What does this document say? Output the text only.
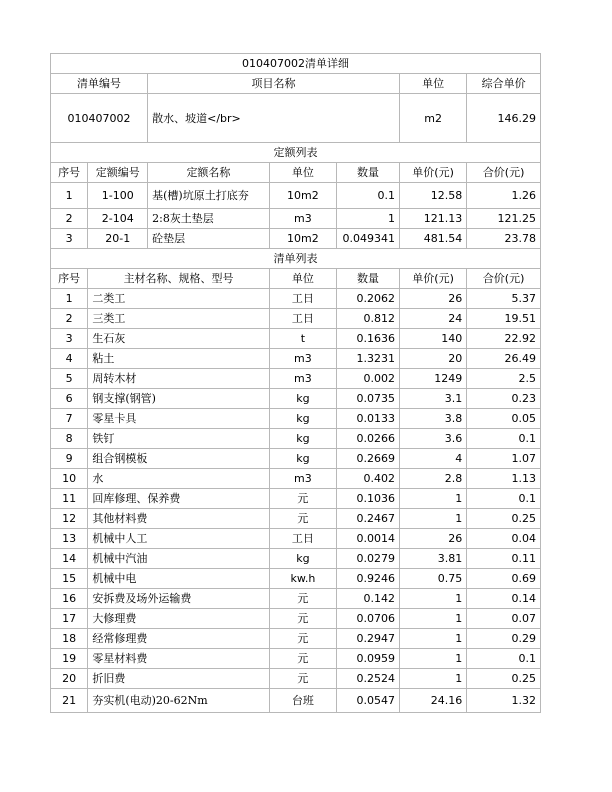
010407002清单详细						
清单编号		项目名称			单位	综合单价
010407002		散水、坡道</br>			m2	146.29
定额列表						
序号	定额编号	定额名称	单位	数量	单价(元)	合价(元)
1	1-100	基(槽)坑原土打底夯	10m2	0.1	12.58	1.26
2	2-104	2:8灰土垫层	m3	1	121.13	121.25
3	20-1	砼垫层	10m2	0.049341	481.54	23.78
清单列表						
序号	主材名称、规格、型号		单位	数量	单价(元)	合价(元)
1	二类工		工日	0.2062	26	5.37
2	三类工		工日	0.812	24	19.51
3	生石灰		t	0.1636	140	22.92
4	粘土		m3	1.3231	20	26.49
5	周转木材		m3	0.002	1249	2.5
6	钢支撑(钢管)		kg	0.0735	3.1	0.23
7	零星卡具		kg	0.0133	3.8	0.05
8	铁钉		kg	0.0266	3.6	0.1
9	组合钢模板		kg	0.2669	4	1.07
10	水		m3	0.402	2.8	1.13
11	回库修理、保养费		元	0.1036	1	0.1
12	其他材料费		元	0.2467	1	0.25
13	机械中人工		工日	0.0014	26	0.04
14	机械中汽油		kg	0.0279	3.81	0.11
15	机械中电		kw.h	0.9246	0.75	0.69
16	安拆费及场外运输费		元	0.142	1	0.14
17	大修理费		元	0.0706	1	0.07
18	经常修理费		元	0.2947	1	0.29
19	零星材料费		元	0.0959	1	0.1
20	折旧费		元	0.2524	1	0.25
21	夯实机(电动)20-62Nm		台班	0.0547	24.16	1.32
